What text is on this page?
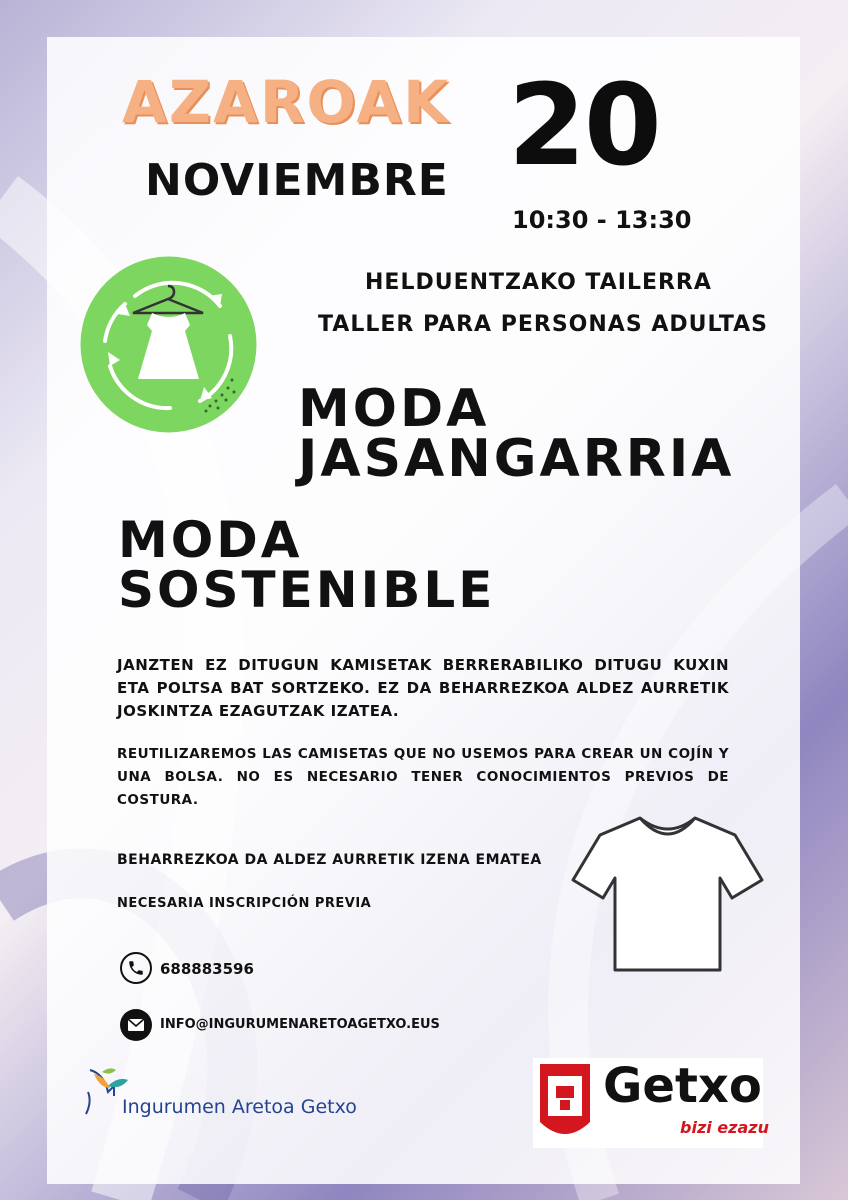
AZAROAK
NOVIEMBRE 20
10:30 - 13:30
HELDUENTZAKO TAILERRA
TALLER PARA PERSONAS ADULTAS
MODA
JASANGARRIA
MODA
SOSTENIBLE
JANZTEN EZ DITUGUN KAMISETAK BERRERABILIKO DITUGU KUXIN ETA POLTSA BAT SORTZEKO. EZ DA BEHARREZKOA ALDEZ AURRETIK JOSKINTZA EZAGUTZAK IZATEA.
REUTILIZAREMOS LAS CAMISETAS QUE NO USEMOS PARA CREAR UN COJÍN Y UNA BOLSA. NO ES NECESARIO TENER CONOCIMIENTOS PREVIOS DE COSTURA.
BEHARREZKOA DA ALDEZ AURRETIK IZENA EMATEA
NECESARIA INSCRIPCIÓN PREVIA
688883596
INFO@INGURUMENARETOAGETXO.EUS
Ingurumen Aretoa Getxo	Getxo
bizi ezazu
